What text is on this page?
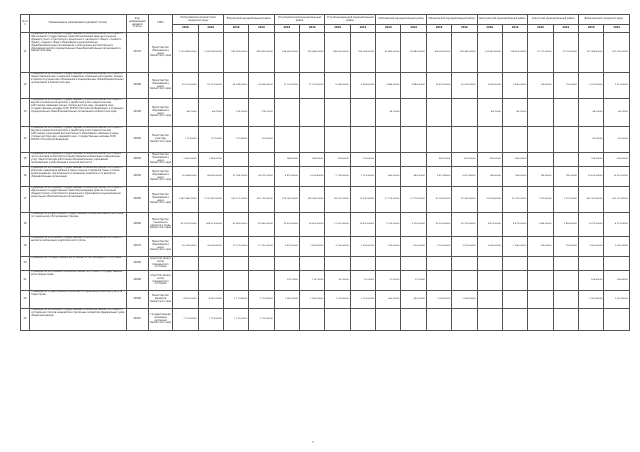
№ п/п	Наименование направления (целевой статьи)	Код направления целевой статьи	ГРБС	Петропавловск-Камчатский городской округ		Елизовский муниципальный район		Усть-Камчатский муниципальный район		Усть-Большерецкий муниципальный район		Соболевский муниципальный район		Мильковский муниципальный район		Быстринский муниципальный район		Алеутский муниципальный район		Вилючинский городской округ	
				2018	2019	2018	2019	2018	2019	2018	2019	2018	2019	2018	2019	2018	2019	2018	2019	2018	2019
11	Субвенции на исполнение государственных полномочий Камчатского края по обеспечению государственных гарантий реализации прав на получение общедоступного и бесплатного дошкольного, начального общего, основного общего, среднего общего образования в муниципальных общеобразовательных организациях и обеспечение дополнительного образования детей в муниципальных общеобразовательных организациях в Камчатском крае	40170	Министерство образования и науки Камчатского края	1 101 988,00000	1 183 990,00000	899 963,00000	899 833,00000	244 569,00000	239 449,00000	188 030,00000	183 024,00000	82 883,00000	82 883,00000	304 334,00000	304 345,00000	109 467,00000	108 467,00000	31 272,00000	31 276,00000	297 068,00000	297 226,00000
12	Субвенции на исполнение государственных полномочий Камчатского края по предоставлению мер социальной поддержки отдельным категориям граждан в период получения ими образования в муниципальных общеобразовательных организациях в Камчатском крае	40180	Министерство образования и науки Камчатского края	87 213,00000	87 213,00000	24 038,00000	24 098,00000	11 123,00000	11 123,00000	6 248,00000	6 248,00000	3 884,00000	3 884,00000	16 475,00000	16 475,00000	9 836,00000	9 836,00000	706,00000	700,00000	3 213,00000	3 213,00000
13	Субвенции на исполнение государственных полномочий Камчатского края по выплате ежемесячной доплаты к заработной плате педагогическим работникам, имеющим ученые степени доктора наук, кандидата наук, государственные награды СССР, РСФСР и Российской Федерации, в отдельных муниципальных общеобразовательных организациях в Камчатском крае	40190	Министерство образования и науки Камчатского края	44,70000	44,70000	178,70000	178,70000					44,70000				44,70000	44,70000			44,70000	44,70000
14	Субвенции на исполнение государственных полномочий Камчатского края по выплате ежемесячной доплаты к заработной плате педагогическим работникам учреждений дополнительного образования, имеющим ученые степени доктора наук, кандидата наук, государственные награды СССР, РСФСР и Российской Федерации	40200	Министерство культуры Камчатского края	177,50000	177,50000	121,40000	121,40000													42,30000	42,30000
15	Субвенции на исполнение государственных полномочий Камчатского края в части расходов на бесплатное предоставление компенсации коммунальных услуг педагогическим работникам образовательных учреждений, проживающим и работающим в сельской местности	40230	Министерство образования и науки Камчатского края	1 382,00000	1 382,00000			188,00000	188,00000	103,00000	103,00000			800,00000	800,00000	280,00000	280,00000			328,00000	328,00000
16	Субвенции на исполнение государственных полномочий Камчатского края по вопросам содержания ребенка в семье опекуна и приемной семье, а также вознаграждения, причитающегося приемному родителю и по выплате в образовательные организации	40240	Министерство образования и науки Камчатского края	55 288,90000	86 890,00000	31 198,70000	28 019,70000	4 475,40000	4 475,40000	2 714,30000	2 714,30000	860,30000	860,30000	6 417,80000	6 417,80000	786,00000	786,00000	785,00000	785,00000	10 610,00000	10 610,00000
17	Субвенции на исполнение государственных полномочий Камчатского края по обеспечению государственных гарантий реализации прав на получение общедоступного и бесплатного дошкольного образования в муниципальных дошкольных образовательных организациях	40250	Министерство образования и науки Камчатского края	1 487 984,10000	1 137 983,30000	635 271,20000	653 773,00000	159 786,10000	159 786,10000	98 220,20000	73 932,80000	27 776,20000	27 776,20000	87 143,00000	87 143,00000	31 518,00000	31 141,00000	7 973,00000	7 973,00000	241 057,40000	241 057,40000
18	Субвенции на осуществление государственных полномочий Камчатского края по социальному обслуживанию граждан	40260	Министерство социального развития и труда Камчатского края	411 873,00000	368 913,00000	87 463,00000	87 463,00000	29 625,00000	29 625,00000	11 912,00000	10 870,00000	3 375,00000	3 375,00000	30 329,00000	30 129,00000	4 873,00000	4 873,00000	1 854,00000	1 854,00000	4 373,00000	4 373,00000
19	Субвенции на исполнение государственных полномочий Камчатского края по выплате компенсации родителям части платы	40270	Министерство образования и науки Камчатского края	26 745,00000	24 905,00000	17 131,00000	17 131,00000	2 879,00000	2 879,00000	2 226,00000	2 226,00000	610,00000	610,00000	3 129,00000	3 129,00000	1 040,00000	1 040,00000	118,00000	118,00000	3 055,00000	3 055,00000
20	Субвенции на государственную регистрацию актов гражданского состояния	40280	Агентство записи актов гражданского состояния																		
21	Субвенции на исполнение полномочий Камчатского края по государственной регистрации права	40290	Агентство записи актов гражданского состояния					176,70000	176,70000	61,20000	61,20000	21,20000	21,20000							196,40000	196,40000
22	Субвенции на осуществление полномочий по первичному воинскому учету на территориях	40300	Министерство финансов Камчатского края	4 992,20000	4 992,20000	2 171,80000	2 171,80000	1 560,20000	1 560,20000	1 110,00000	1 110,00000	490,00000	490,00000	1 306,90000	1 306,90000					2 052,40000	2 052,40000
23	Субвенции на исполнение государственных полномочий Камчатского края по составлению списков кандидатов в присяжные заседатели федеральных судов общей юрисдикции	40310	Государственная жилищная инспекция Камчатского края	1 773,00000	1 773,00000	1 773,00000	1 773,00000														
7
